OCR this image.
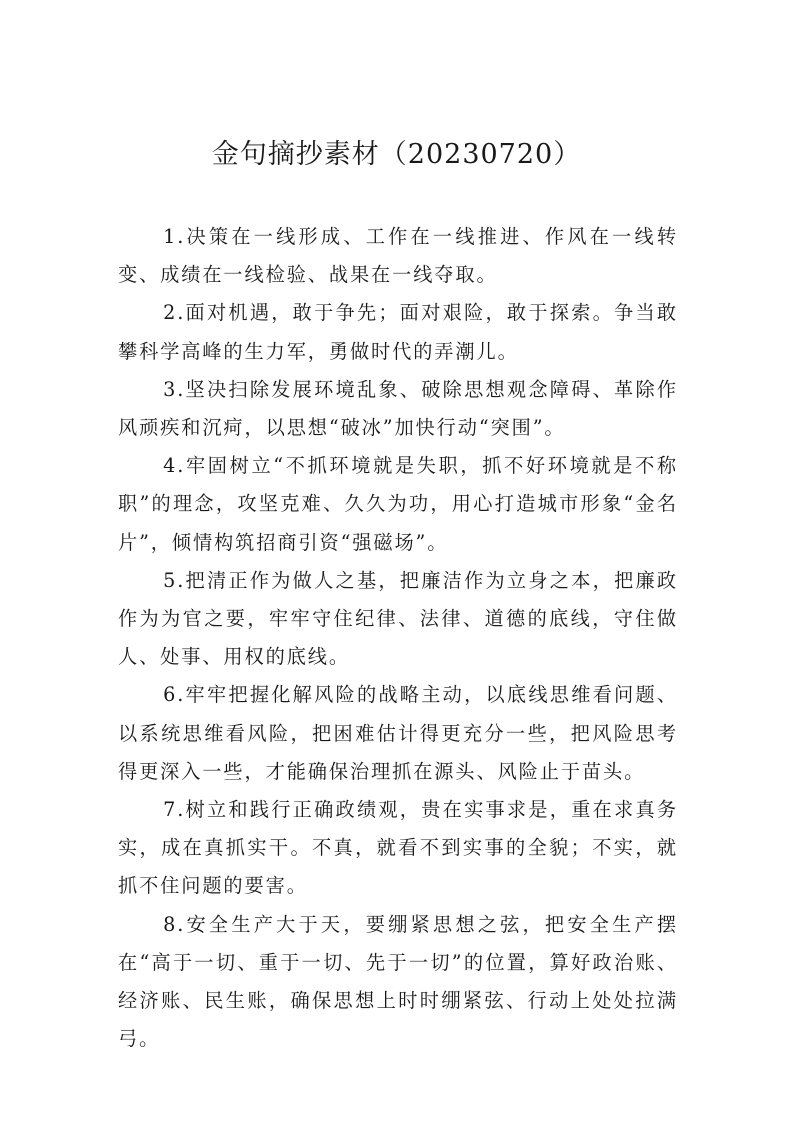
金句摘抄素材（20230720）

1.决策在一线形成、工作在一线推进、作风在一线转变、成绩在一线检验、战果在一线夺取。

2.面对机遇，敢于争先；面对艰险，敢于探索。争当敢攀科学高峰的生力军，勇做时代的弄潮儿。

3.坚决扫除发展环境乱象、破除思想观念障碍、革除作风顽疾和沉疴，以思想“破冰”加快行动“突围”。

4.牢固树立“不抓环境就是失职，抓不好环境就是不称职”的理念，攻坚克难、久久为功，用心打造城市形象“金名片”，倾情构筑招商引资“强磁场”。

5.把清正作为做人之基，把廉洁作为立身之本，把廉政作为为官之要，牢牢守住纪律、法律、道德的底线，守住做人、处事、用权的底线。

6.牢牢把握化解风险的战略主动，以底线思维看问题、以系统思维看风险，把困难估计得更充分一些，把风险思考得更深入一些，才能确保治理抓在源头、风险止于苗头。

7.树立和践行正确政绩观，贵在实事求是，重在求真务实，成在真抓实干。不真，就看不到实事的全貌；不实，就抓不住问题的要害。

8.安全生产大于天，要绷紧思想之弦，把安全生产摆在“高于一切、重于一切、先于一切”的位置，算好政治账、经济账、民生账，确保思想上时时绷紧弦、行动上处处拉满弓。
